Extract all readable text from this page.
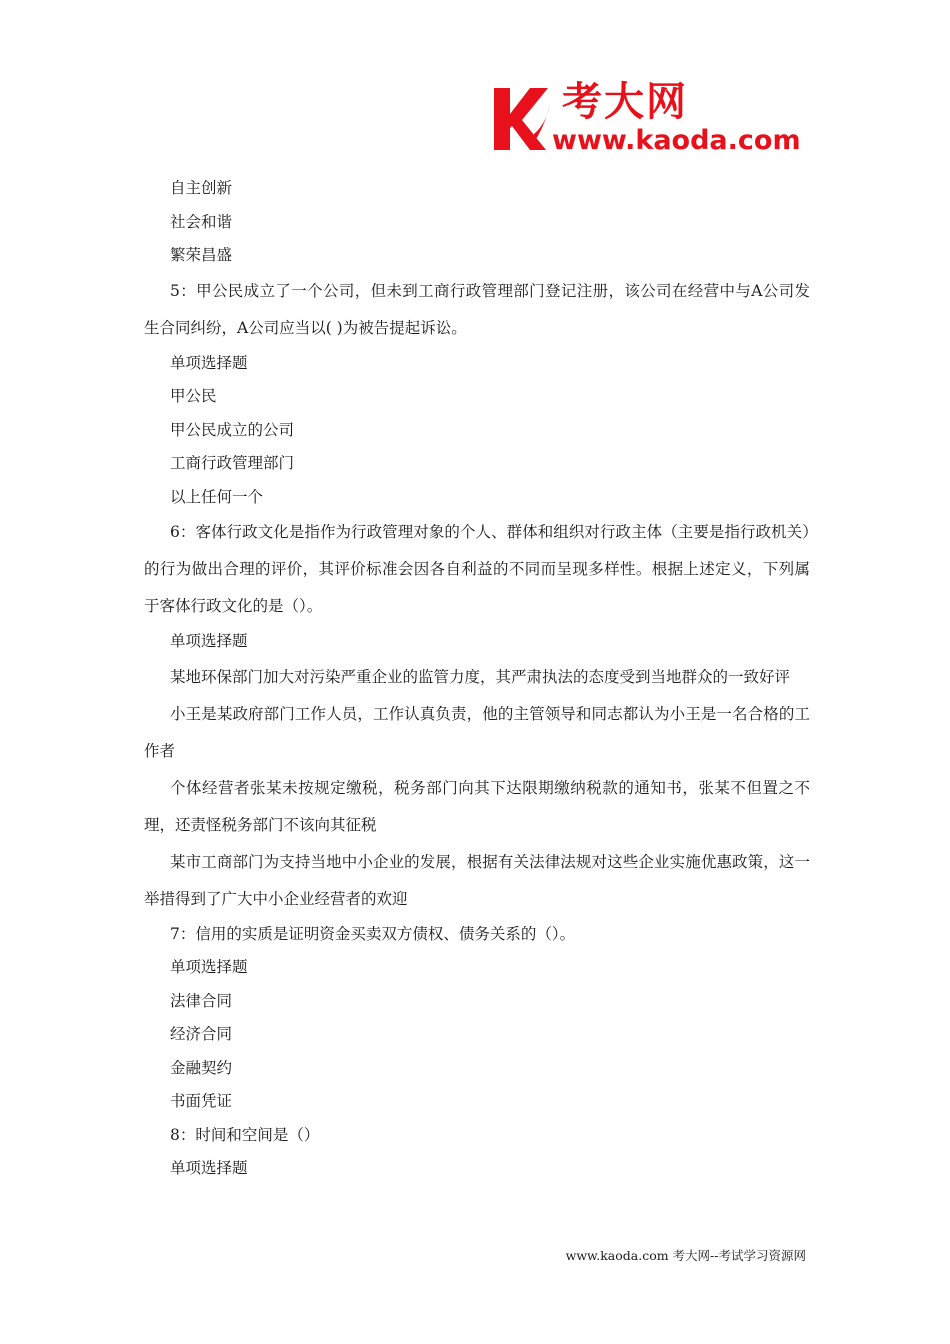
考大网
www.kaoda.com

自主创新

社会和谐

繁荣昌盛

5：甲公民成立了一个公司，但未到工商行政管理部门登记注册，该公司在经营中与A公司发生合同纠纷，A公司应当以( )为被告提起诉讼。

单项选择题

甲公民

甲公民成立的公司

工商行政管理部门

以上任何一个

6：客体行政文化是指作为行政管理对象的个人、群体和组织对行政主体（主要是指行政机关）的行为做出合理的评价，其评价标准会因各自利益的不同而呈现多样性。根据上述定义，下列属于客体行政文化的是（）。

单项选择题

某地环保部门加大对污染严重企业的监管力度，其严肃执法的态度受到当地群众的一致好评

小王是某政府部门工作人员，工作认真负责，他的主管领导和同志都认为小王是一名合格的工作者

个体经营者张某未按规定缴税，税务部门向其下达限期缴纳税款的通知书，张某不但置之不理，还责怪税务部门不该向其征税

某市工商部门为支持当地中小企业的发展，根据有关法律法规对这些企业实施优惠政策，这一举措得到了广大中小企业经营者的欢迎

7：信用的实质是证明资金买卖双方债权、债务关系的（）。

单项选择题

法律合同

经济合同

金融契约

书面凭证

8：时间和空间是（）

单项选择题

www.kaoda.com 考大网--考试学习资源网
